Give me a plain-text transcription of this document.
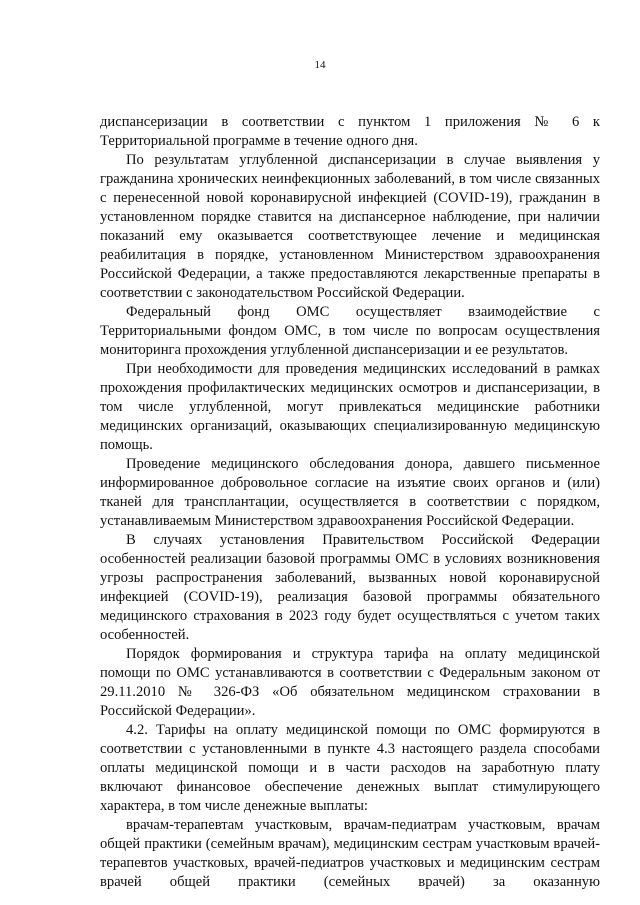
14

диспансеризации в соответствии с пунктом 1 приложения № 6 к Территориальной программе в течение одного дня.

По результатам углубленной диспансеризации в случае выявления у гражданина хронических неинфекционных заболеваний, в том числе связанных с перенесенной новой коронавирусной инфекцией (COVID-19), гражданин в установленном порядке ставится на диспансерное наблюдение, при наличии показаний ему оказывается соответствующее лечение и медицинская реабилитация в порядке, установленном Министерством здравоохранения Российской Федерации, а также предоставляются лекарственные препараты в соответствии с законодательством Российской Федерации.

Федеральный фонд ОМС осуществляет взаимодействие с Территориальными фондом ОМС, в том числе по вопросам осуществления мониторинга прохождения углубленной диспансеризации и ее результатов.

При необходимости для проведения медицинских исследований в рамках прохождения профилактических медицинских осмотров и диспансеризации, в том числе углубленной, могут привлекаться медицинские работники медицинских организаций, оказывающих специализированную медицинскую помощь.

Проведение медицинского обследования донора, давшего письменное информированное добровольное согласие на изъятие своих органов и (или) тканей для трансплантации, осуществляется в соответствии с порядком, устанавливаемым Министерством здравоохранения Российской Федерации.

В случаях установления Правительством Российской Федерации особенностей реализации базовой программы ОМС в условиях возникновения угрозы распространения заболеваний, вызванных новой коронавирусной инфекцией (COVID-19), реализация базовой программы обязательного медицинского страхования в 2023 году будет осуществляться с учетом таких особенностей.

Порядок формирования и структура тарифа на оплату медицинской помощи по ОМС устанавливаются в соответствии с Федеральным законом от 29.11.2010 № 326-ФЗ «Об обязательном медицинском страховании в Российской Федерации».

4.2. Тарифы на оплату медицинской помощи по ОМС формируются в соответствии с установленными в пункте 4.3 настоящего раздела способами оплаты медицинской помощи и в части расходов на заработную плату включают финансовое обеспечение денежных выплат стимулирующего характера, в том числе денежные выплаты:

врачам-терапевтам участковым, врачам-педиатрам участковым, врачам общей практики (семейным врачам), медицинским сестрам участковым врачей-терапевтов участковых, врачей-педиатров участковых и медицинским сестрам врачей общей практики (семейных врачей) за оказанную
